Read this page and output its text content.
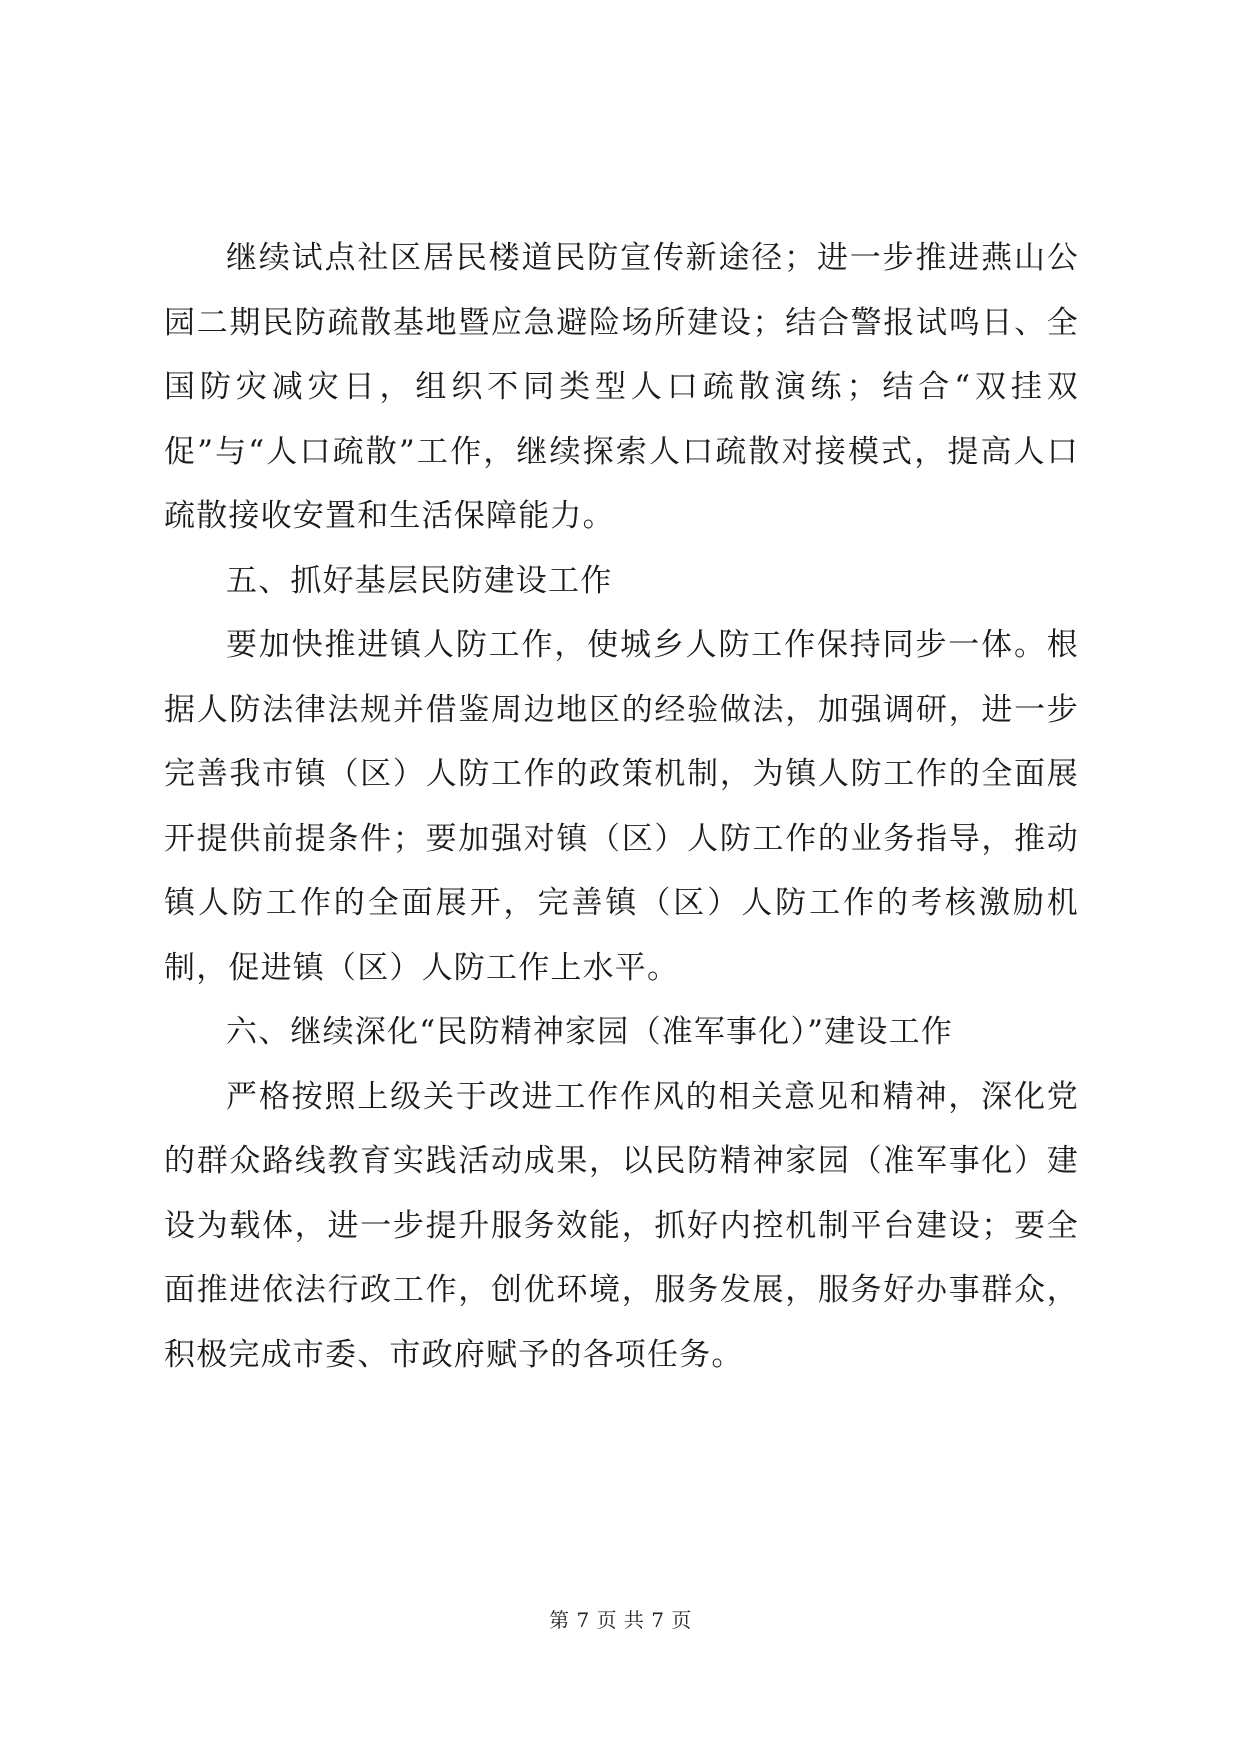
继续试点社区居民楼道民防宣传新途径；进一步推进燕山公园二期民防疏散基地暨应急避险场所建设；结合警报试鸣日、全国防灾减灾日，组织不同类型人口疏散演练；结合“双挂双促”与“人口疏散”工作，继续探索人口疏散对接模式，提高人口疏散接收安置和生活保障能力。

五、抓好基层民防建设工作

要加快推进镇人防工作，使城乡人防工作保持同步一体。根据人防法律法规并借鉴周边地区的经验做法，加强调研，进一步完善我市镇（区）人防工作的政策机制，为镇人防工作的全面展开提供前提条件；要加强对镇（区）人防工作的业务指导，推动镇人防工作的全面展开，完善镇（区）人防工作的考核激励机制，促进镇（区）人防工作上水平。

六、继续深化“民防精神家园（准军事化）”建设工作

严格按照上级关于改进工作作风的相关意见和精神，深化党的群众路线教育实践活动成果，以民防精神家园（准军事化）建设为载体，进一步提升服务效能，抓好内控机制平台建设；要全面推进依法行政工作，创优环境，服务发展，服务好办事群众，积极完成市委、市政府赋予的各项任务。

第 7 页 共 7 页
